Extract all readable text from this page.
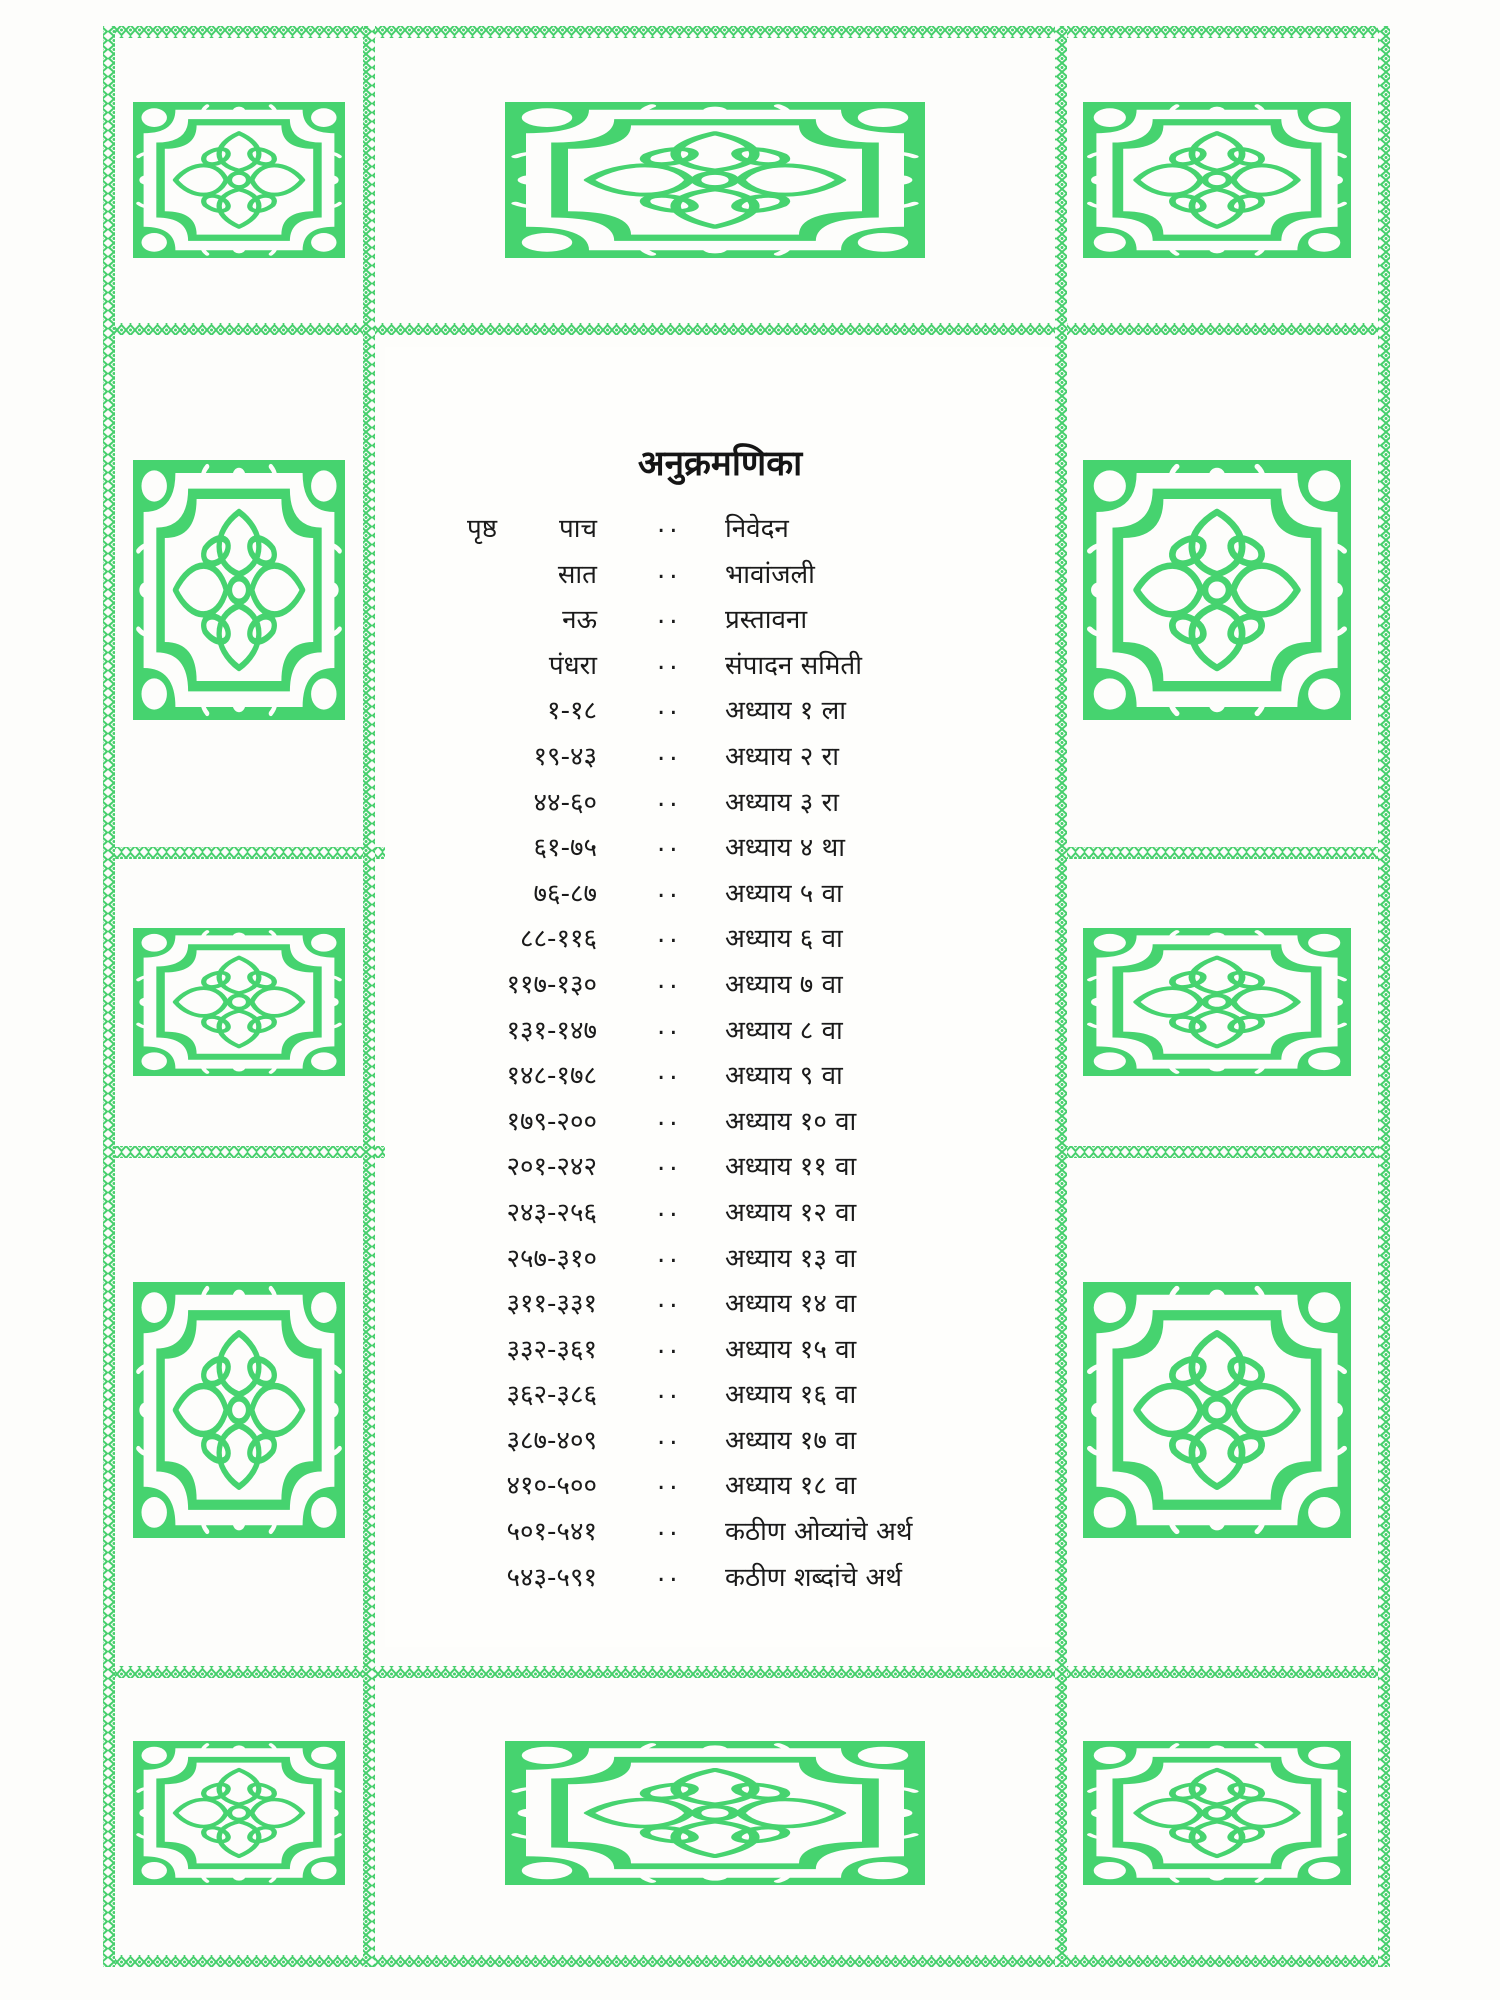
अनुक्रमणिका
पृष्ठ	पाच .. निवेदन
सात .. भावांजली
नऊ .. प्रस्तावना
पंधरा .. संपादन समिती
१-१८ .. अध्याय १ ला
१९-४३ .. अध्याय २ रा
४४-६० .. अध्याय ३ रा
६१-७५ .. अध्याय ४ था
७६-८७ .. अध्याय ५ वा
८८-११६ .. अध्याय ६ वा
११७-१३० .. अध्याय ७ वा
१३१-१४७ .. अध्याय ८ वा
१४८-१७८ .. अध्याय ९ वा
१७९-२०० .. अध्याय १० वा
२०१-२४२ .. अध्याय ११ वा
२४३-२५६ .. अध्याय १२ वा
२५७-३१० .. अध्याय १३ वा
३११-३३१ .. अध्याय १४ वा
३३२-३६१ .. अध्याय १५ वा
३६२-३८६ .. अध्याय १६ वा
३८७-४०९ .. अध्याय १७ वा
४१०-५०० .. अध्याय १८ वा
५०१-५४१ .. कठीण ओव्यांचे अर्थ
५४३-५९१ .. कठीण शब्दांचे अर्थ
